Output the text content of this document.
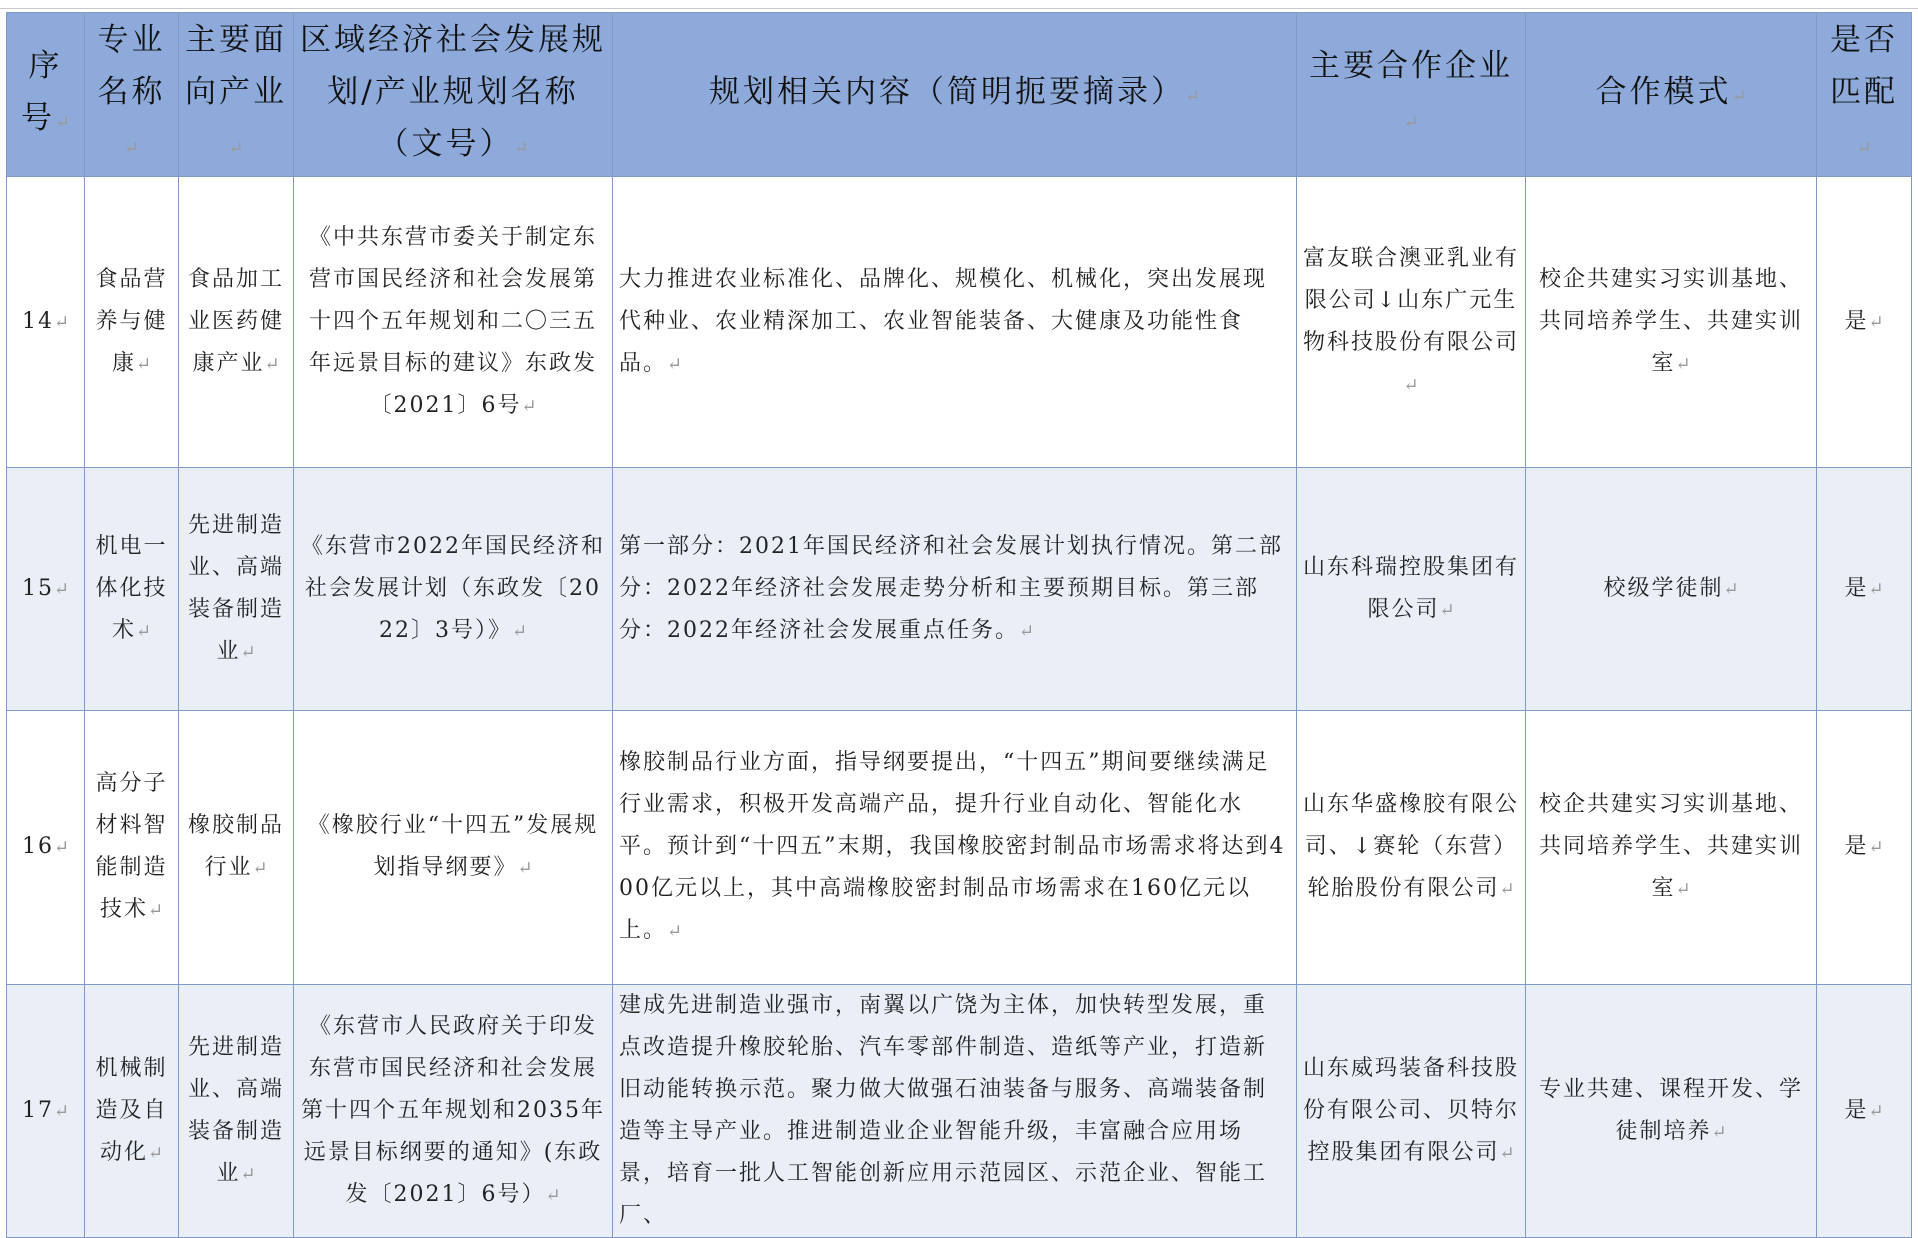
序号↵	专业名称↵	主要面向产业↵	区域经济社会发展规划/产业规划名称（文号）↵	规划相关内容（简明扼要摘录）↵	主要合作企业↵	合作模式↵	是否匹配↵
14↵	食品营养与健康↵	食品加工业医药健康产业↵	《中共东营市委关于制定东营市国民经济和社会发展第十四个五年规划和二〇三五年远景目标的建议》东政发〔2021〕6号↵	大力推进农业标准化、品牌化、规模化、机械化，突出发展现代种业、农业精深加工、农业智能装备、大健康及功能性食品。↵	富友联合澳亚乳业有限公司↓山东广元生物科技股份有限公司↵	校企共建实习实训基地、共同培养学生、共建实训室↵	是↵
15↵	机电一体化技术↵	先进制造业、高端装备制造业↵	《东营市2022年国民经济和社会发展计划（东政发〔2022〕3号）》↵	第一部分：2021年国民经济和社会发展计划执行情况。第二部分：2022年经济社会发展走势分析和主要预期目标。第三部分：2022年经济社会发展重点任务。↵	山东科瑞控股集团有限公司↵	校级学徒制↵	是↵
16↵	高分子材料智能制造技术↵	橡胶制品行业↵	《橡胶行业“十四五”发展规划指导纲要》↵	橡胶制品行业方面，指导纲要提出，“十四五”期间要继续满足行业需求，积极开发高端产品，提升行业自动化、智能化水平。预计到“十四五”末期，我国橡胶密封制品市场需求将达到400亿元以上，其中高端橡胶密封制品市场需求在160亿元以上。↵	山东华盛橡胶有限公司、↓赛轮（东营）轮胎股份有限公司↵	校企共建实习实训基地、共同培养学生、共建实训室↵	是↵
17↵	机械制造及自动化↵	先进制造业、高端装备制造业↵	《东营市人民政府关于印发东营市国民经济和社会发展第十四个五年规划和2035年远景目标纲要的通知》(东政发〔2021〕6号）↵	建成先进制造业强市，南翼以广饶为主体，加快转型发展，重点改造提升橡胶轮胎、汽车零部件制造、造纸等产业，打造新旧动能转换示范。聚力做大做强石油装备与服务、高端装备制造等主导产业。推进制造业企业智能升级，丰富融合应用场景，培育一批人工智能创新应用示范园区、示范企业、智能工厂、	山东威玛装备科技股份有限公司、贝特尔控股集团有限公司↵	专业共建、课程开发、学徒制培养↵	是↵
